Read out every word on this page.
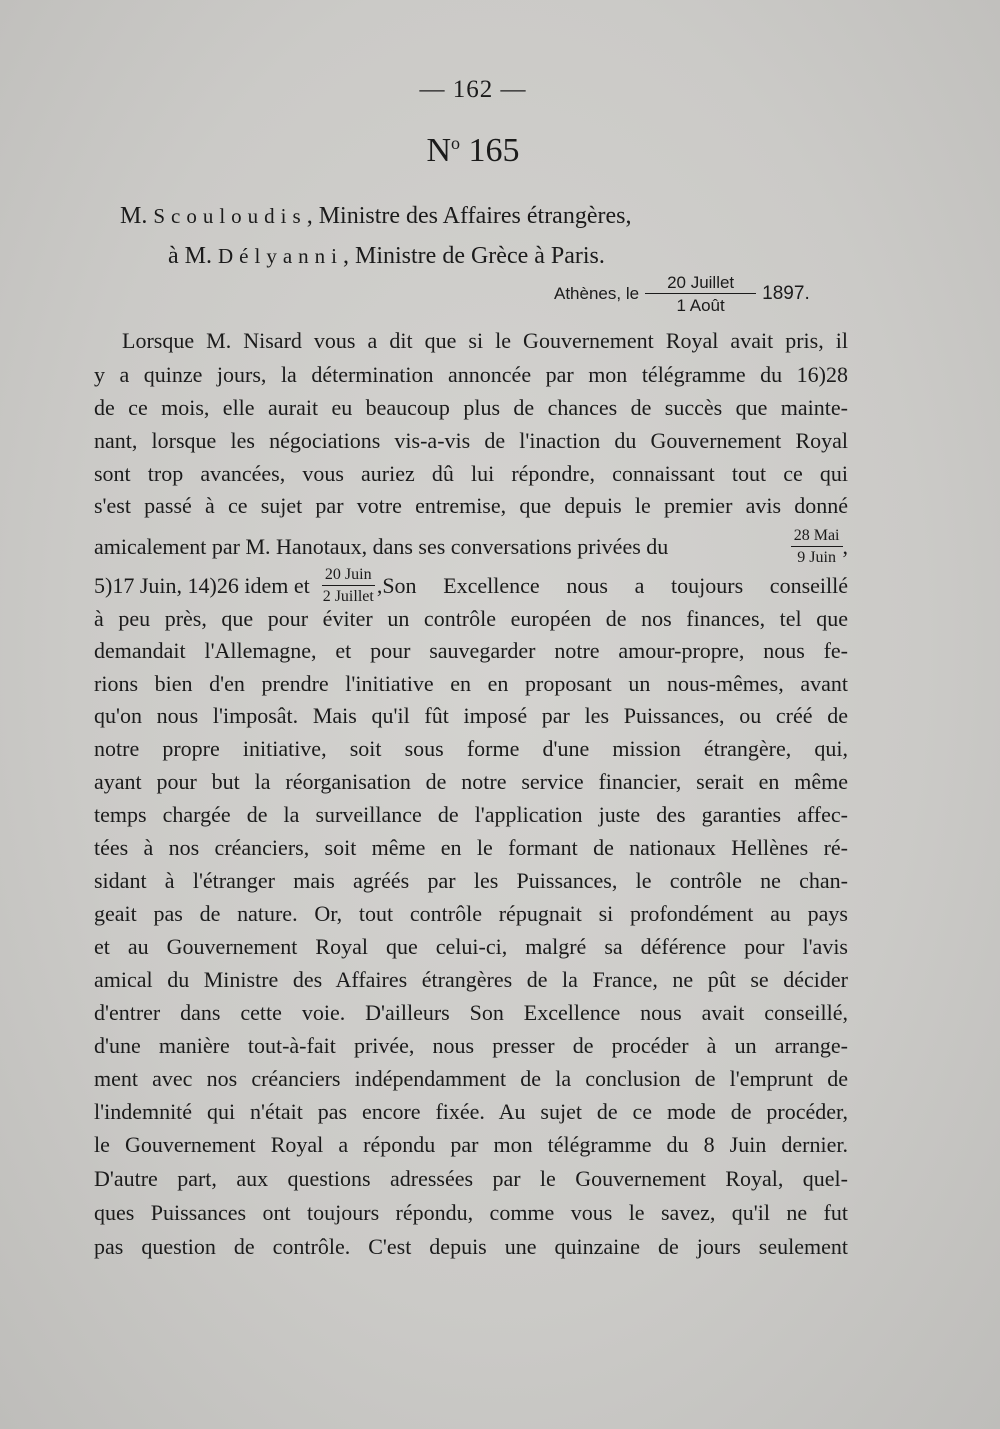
— 162 —
$N^o$ 165
M. Scouloudis, Ministre des Affaires étrangères,
à M. Délyanni, Ministre de Grèce à Paris.
Athènes, le $\frac{\text{20 Juillet}}{\text{1 Août}} 1897$.
Lorsque M. Nisard vous a dit que si le Gouvernement Royal avait pris, il
y a quinze jours, la détermination annoncée par mon télégramme du 16)28
de ce mois, elle aurait eu beaucoup plus de chances de succès que mainte-
nant, lorsque les négociations vis-a-vis de l'inaction du Gouvernement Royal
sont trop avancées, vous auriez dû lui répondre, connaissant tout ce qui
s'est passé à ce sujet par votre entremise, que depuis le premier avis donné
amicalement par M. Hanotaux, dans ses conversations privées du	$\frac{\text{28 Mai}}{\text{9 Juin}}$ ,
5)17 Juin, 14)26 idem et $\frac{\text{20 Juin}}{\text{2 Juillet}} ,Son$ Excellence nous a toujours conseillé
à peu près, que pour éviter un contrôle européen de nos finances, tel que
demandait l'Allemagne, et pour sauvegarder notre amour-propre, nous fe-
rions bien d'en prendre l'initiative en en proposant un nous-mêmes, avant
qu'on nous l'imposât. Mais qu'il fût imposé par les Puissances, ou créé de
notre propre initiative, soit sous forme d'une mission étrangère, qui,
ayant pour but la réorganisation de notre service financier, serait en même
temps chargée de la surveillance de l'application juste des garanties affec-
tées à nos créanciers, soit même en le formant de nationaux Hellènes ré-
sidant à l'étranger mais agréés par les Puissances, le contrôle ne chan-
geait pas de nature. Or, tout contrôle répugnait si profondément au pays
et au Gouvernement Royal que celui-ci, malgré sa déférence pour l'avis
amical du Ministre des Affaires étrangères de la France, ne pût se décider
d'entrer dans cette voie. D'ailleurs Son Excellence nous avait conseillé,
d'une manière tout-à-fait privée, nous presser de procéder à un arrange-
ment avec nos créanciers indépendamment de la conclusion de l'emprunt de
l'indemnité qui n'était pas encore fixée. Au sujet de ce mode de procéder,
le Gouvernement Royal a répondu par mon télégramme du 8 Juin dernier.
D'autre part, aux questions adressées par le Gouvernement Royal, quel-
ques Puissances ont toujours répondu, comme vous le savez, qu'il ne fut
pas question de contrôle. C'est depuis une quinzaine de jours seulement
